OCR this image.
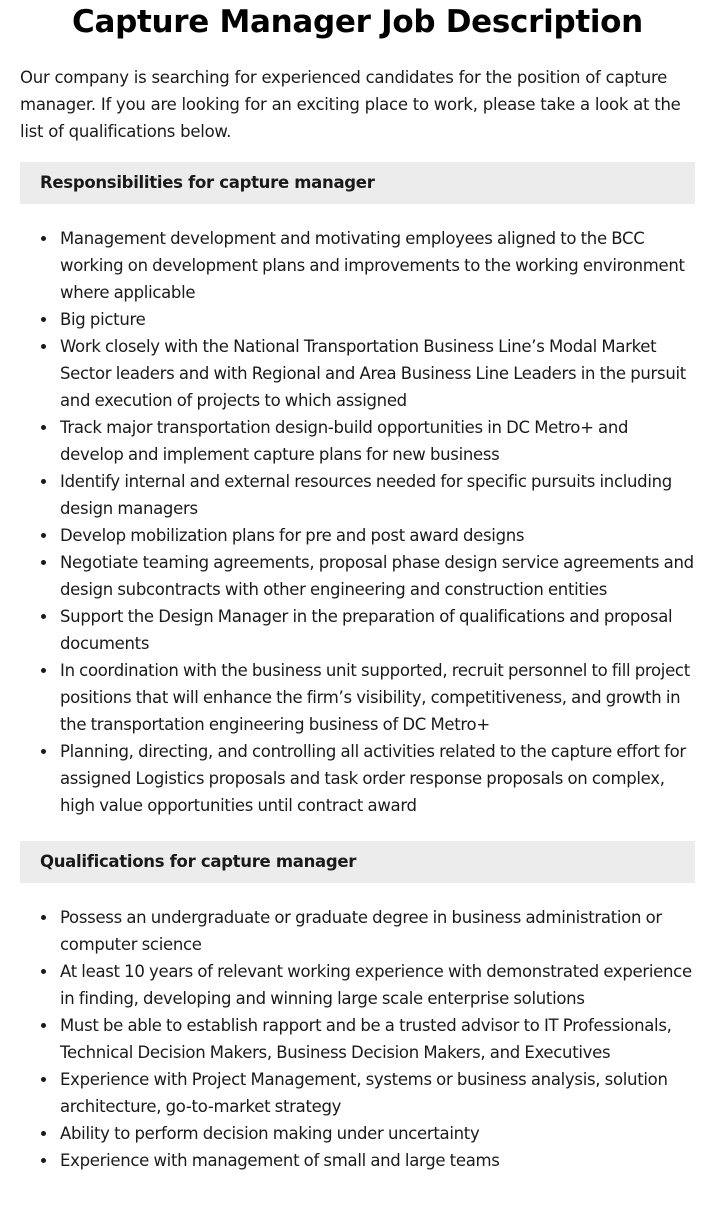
Capture Manager Job Description

Our company is searching for experienced candidates for the position of capture manager. If you are looking for an exciting place to work, please take a look at the list of qualifications below.

Responsibilities for capture manager
Management development and motivating employees aligned to the BCC working on development plans and improvements to the working environment where applicable
Big picture
Work closely with the National Transportation Business Line’s Modal Market Sector leaders and with Regional and Area Business Line Leaders in the pursuit and execution of projects to which assigned
Track major transportation design-build opportunities in DC Metro+ and develop and implement capture plans for new business
Identify internal and external resources needed for specific pursuits including design managers
Develop mobilization plans for pre and post award designs
Negotiate teaming agreements, proposal phase design service agreements and design subcontracts with other engineering and construction entities
Support the Design Manager in the preparation of qualifications and proposal documents
In coordination with the business unit supported, recruit personnel to fill project positions that will enhance the firm’s visibility, competitiveness, and growth in the transportation engineering business of DC Metro+
Planning, directing, and controlling all activities related to the capture effort for assigned Logistics proposals and task order response proposals on complex, high value opportunities until contract award
Qualifications for capture manager
Possess an undergraduate or graduate degree in business administration or computer science
At least 10 years of relevant working experience with demonstrated experience in finding, developing and winning large scale enterprise solutions
Must be able to establish rapport and be a trusted advisor to IT Professionals, Technical Decision Makers, Business Decision Makers, and Executives
Experience with Project Management, systems or business analysis, solution architecture, go-to-market strategy
Ability to perform decision making under uncertainty
Experience with management of small and large teams
